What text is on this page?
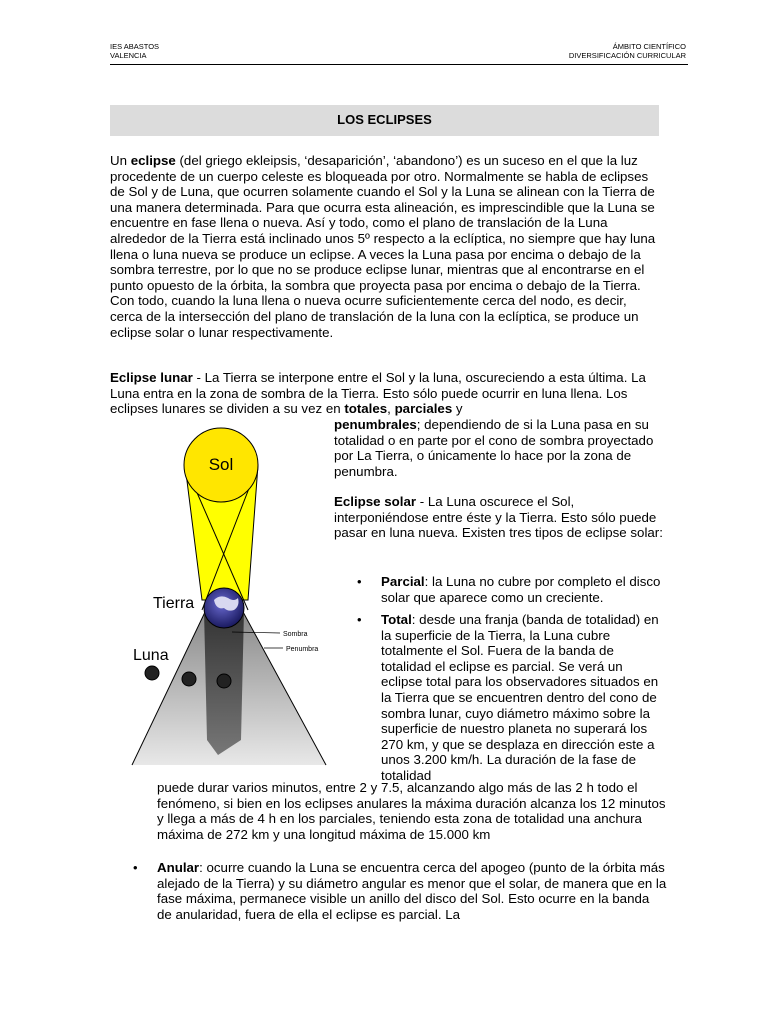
IES ABASTOS
VALENCIA
ÁMBITO CIENTÍFICO
DIVERSIFICACIÓN CURRICULAR
LOS ECLIPSES
Un eclipse (del griego ekleipsis, ‘desaparición’, ‘abandono’) es un suceso en el que la luz procedente de un cuerpo celeste es bloqueada por otro. Normalmente se habla de eclipses de Sol y de Luna, que ocurren solamente cuando el Sol y la Luna se alinean con la Tierra de una manera determinada. Para que ocurra esta alineación, es imprescindible que la Luna se encuentre en fase llena o nueva. Así y todo, como el plano de translación de la Luna alrededor de la Tierra está inclinado unos 5º respecto a la eclíptica, no siempre que hay luna llena o luna nueva se produce un eclipse. A veces la Luna pasa por encima o debajo de la sombra terrestre, por lo que no se produce eclipse lunar, mientras que al encontrarse en el punto opuesto de la órbita, la sombra que proyecta pasa por encima o debajo de la Tierra. Con todo, cuando la luna llena o nueva ocurre suficientemente cerca del nodo, es decir, cerca de la intersección del plano de translación de la luna con la eclíptica, se produce un eclipse solar o lunar respectivamente.
Eclipse lunar - La Tierra se interpone entre el Sol y la luna, oscureciendo a esta última. La Luna entra en la zona de sombra de la Tierra. Esto sólo puede ocurrir en luna llena. Los eclipses lunares se dividen a su vez en totales, parciales y
penumbrales; dependiendo de si la Luna pasa en su totalidad o en parte por el cono de sombra proyectado por La Tierra, o únicamente lo hace por la zona de penumbra.
Eclipse solar - La Luna oscurece el Sol, interponiéndose entre éste y la Tierra. Esto sólo puede pasar en luna nueva. Existen tres tipos de eclipse solar:
• Parcial: la Luna no cubre por completo el disco solar que aparece como un creciente.
• Total: desde una franja (banda de totalidad) en la superficie de la Tierra, la Luna cubre totalmente el Sol. Fuera de la banda de totalidad el eclipse es parcial. Se verá un eclipse total para los observadores situados en la Tierra que se encuentren dentro del cono de sombra lunar, cuyo diámetro máximo sobre la superficie de nuestro planeta no superará los 270 km, y que se desplaza en dirección este a unos 3.200 km/h. La duración de la fase de totalidad
puede durar varios minutos, entre 2 y 7.5, alcanzando algo más de las 2 h todo el fenómeno, si bien en los eclipses anulares la máxima duración alcanza los 12 minutos y llega a más de 4 h en los parciales, teniendo esta zona de totalidad una anchura máxima de 272 km y una longitud máxima de 15.000 km
• Anular: ocurre cuando la Luna se encuentra cerca del apogeo (punto de la órbita más alejado de la Tierra) y su diámetro angular es menor que el solar, de manera que en la fase máxima, permanece visible un anillo del disco del Sol. Esto ocurre en la banda de anularidad, fuera de ella el eclipse es parcial. La
Sol
Tierra
Luna
Sombra
Penumbra
